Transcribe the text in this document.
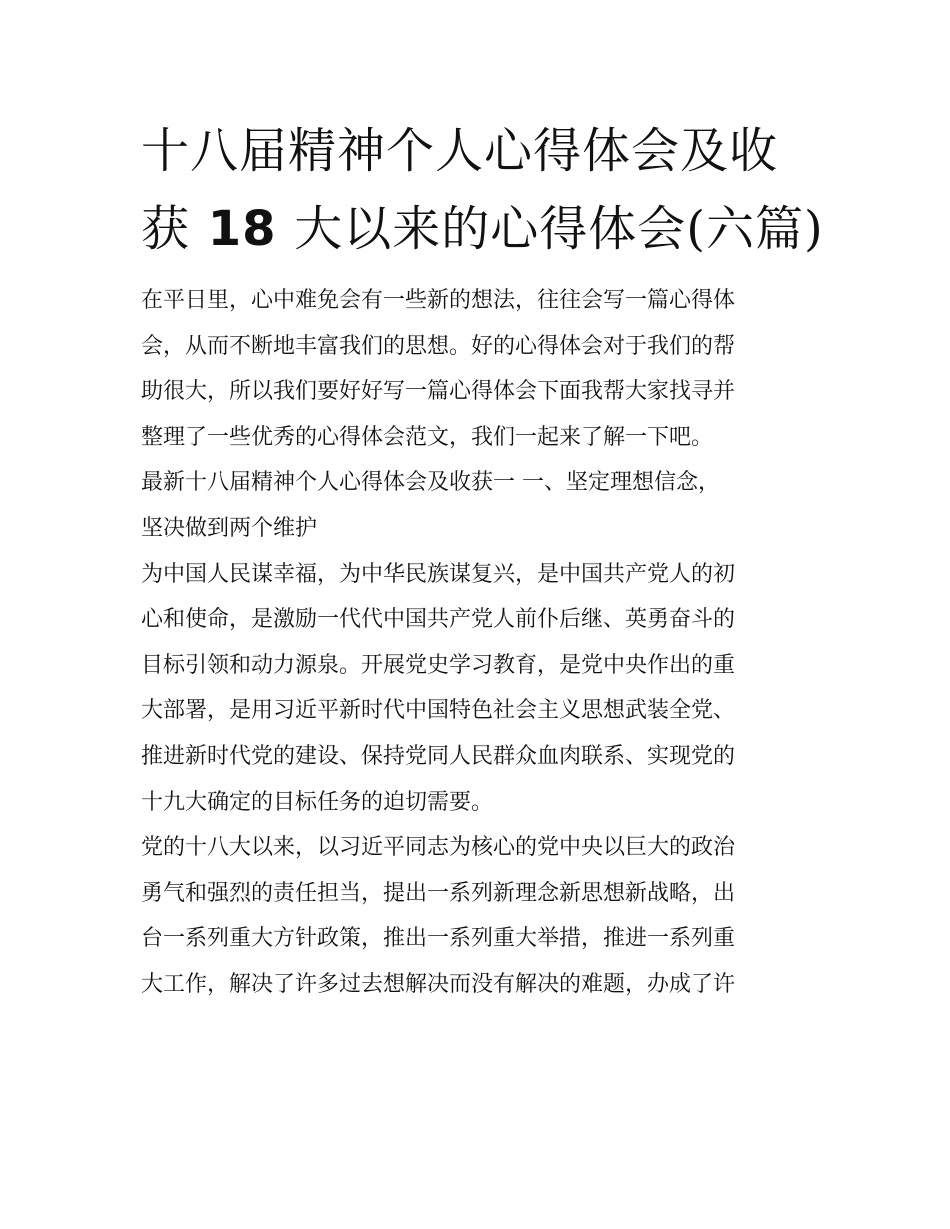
十八届精神个人心得体会及收
获 18 大以来的心得体会(六篇)
在平日里，心中难免会有一些新的想法，往往会写一篇心得体
会，从而不断地丰富我们的思想。好的心得体会对于我们的帮
助很大，所以我们要好好写一篇心得体会下面我帮大家找寻并
整理了一些优秀的心得体会范文，我们一起来了解一下吧。
最新十八届精神个人心得体会及收获一 一、坚定理想信念，
坚决做到两个维护
为中国人民谋幸福，为中华民族谋复兴，是中国共产党人的初
心和使命，是激励一代代中国共产党人前仆后继、英勇奋斗的
目标引领和动力源泉。开展党史学习教育，是党中央作出的重
大部署，是用习近平新时代中国特色社会主义思想武装全党、
推进新时代党的建设、保持党同人民群众血肉联系、实现党的
十九大确定的目标任务的迫切需要。
党的十八大以来，以习近平同志为核心的党中央以巨大的政治
勇气和强烈的责任担当，提出一系列新理念新思想新战略，出
台一系列重大方针政策，推出一系列重大举措，推进一系列重
大工作，解决了许多过去想解决而没有解决的难题，办成了许
